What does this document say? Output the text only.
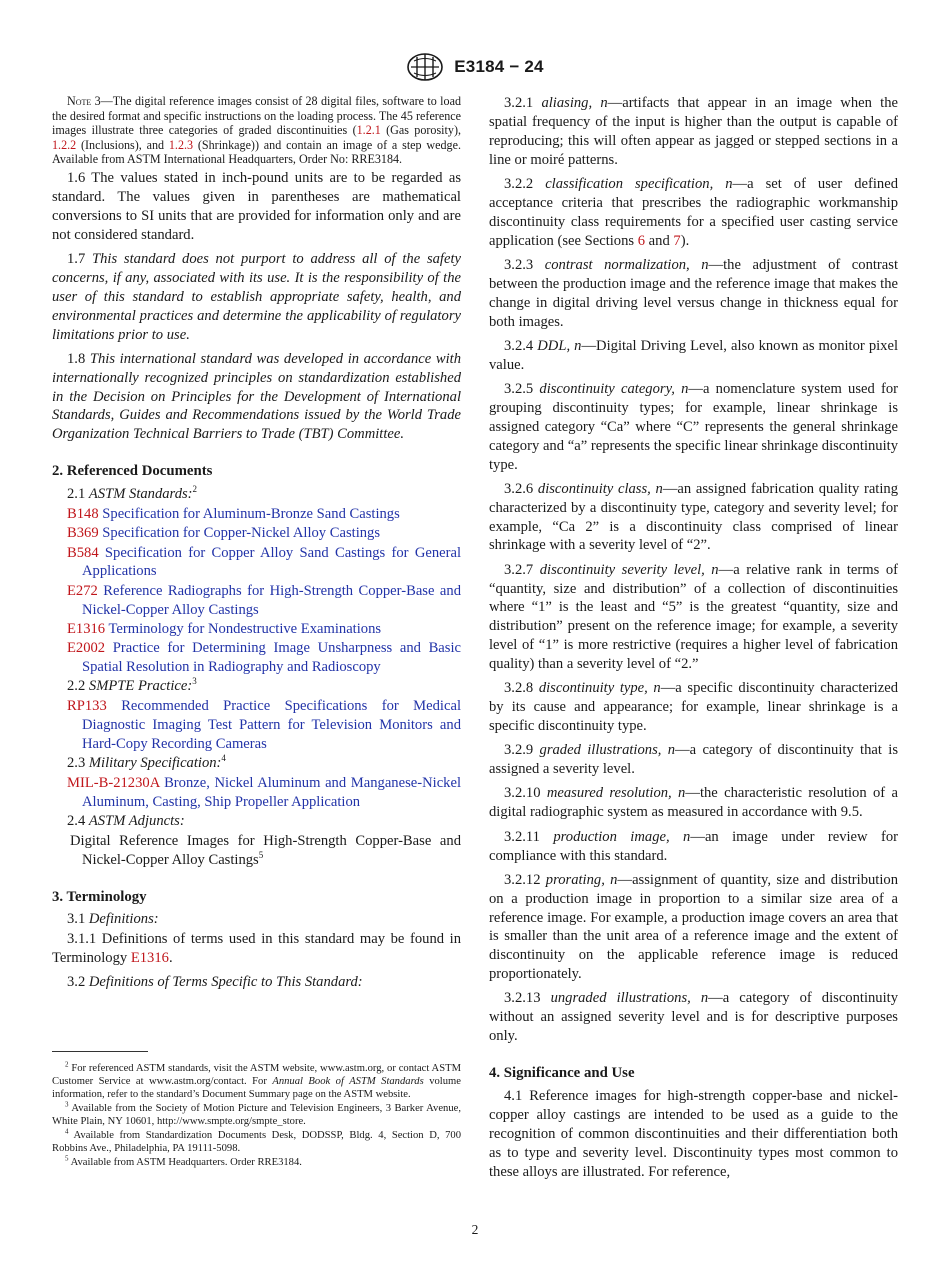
E3184 − 24

Note 3—The digital reference images consist of 28 digital files, software to load the desired format and specific instructions on the loading process. The 45 reference images illustrate three categories of graded discontinuities (1.2.1 (Gas porosity), 1.2.2 (Inclusions), and 1.2.3 (Shrinkage)) and contain an image of a step wedge. Available from ASTM International Headquarters, Order No: RRE3184.

1.6 The values stated in inch-pound units are to be regarded as standard. The values given in parentheses are mathematical conversions to SI units that are provided for information only and are not considered standard.

1.7 This standard does not purport to address all of the safety concerns, if any, associated with its use. It is the responsibility of the user of this standard to establish appropriate safety, health, and environmental practices and determine the applicability of regulatory limitations prior to use.

1.8 This international standard was developed in accordance with internationally recognized principles on standardization established in the Decision on Principles for the Development of International Standards, Guides and Recommendations issued by the World Trade Organization Technical Barriers to Trade (TBT) Committee.

2. Referenced Documents

2.1 ASTM Standards:$^2$

B148 Specification for Aluminum-Bronze Sand Castings
B369 Specification for Copper-Nickel Alloy Castings
B584 Specification for Copper Alloy Sand Castings for General Applications
E272 Reference Radiographs for High-Strength Copper-Base and Nickel-Copper Alloy Castings
E1316 Terminology for Nondestructive Examinations
E2002 Practice for Determining Image Unsharpness and Basic Spatial Resolution in Radiography and Radioscopy

2.2 SMPTE Practice:$^3$

RP133 Recommended Practice Specifications for Medical Diagnostic Imaging Test Pattern for Television Monitors and Hard-Copy Recording Cameras

2.3 Military Specification:$^4$

MIL-B-21230A Bronze, Nickel Aluminum and Manganese-Nickel Aluminum, Casting, Ship Propeller Application

2.4 ASTM Adjuncts:

Digital Reference Images for High-Strength Copper-Base and Nickel-Copper Alloy Castings$^5$

3. Terminology

3.1 Definitions:

3.1.1 Definitions of terms used in this standard may be found in Terminology E1316.

3.2 Definitions of Terms Specific to This Standard:

$^2$ For referenced ASTM standards, visit the ASTM website, www.astm.org, or contact ASTM Customer Service at www.astm.org/contact. For Annual Book of ASTM Standards volume information, refer to the standard’s Document Summary page on the ASTM website.

$^3$ Available from the Society of Motion Picture and Television Engineers, 3 Barker Avenue, White Plain, NY 10601, http://www.smpte.org/smpte_store.

$^4$ Available from Standardization Documents Desk, DODSSP, Bldg. 4, Section D, 700 Robbins Ave., Philadelphia, PA 19111-5098.

$^5$ Available from ASTM Headquarters. Order RRE3184.

3.2.1 aliasing, n—artifacts that appear in an image when the spatial frequency of the input is higher than the output is capable of reproducing; this will often appear as jagged or stepped sections in a line or moiré patterns.

3.2.2 classification specification, n—a set of user defined acceptance criteria that prescribes the radiographic workmanship discontinuity class requirements for a specified user casting service application (see Sections 6 and 7).

3.2.3 contrast normalization, n—the adjustment of contrast between the production image and the reference image that makes the change in digital driving level versus change in thickness equal for both images.

3.2.4 DDL, n—Digital Driving Level, also known as monitor pixel value.

3.2.5 discontinuity category, n—a nomenclature system used for grouping discontinuity types; for example, linear shrinkage is assigned category “Ca” where “C” represents the general shrinkage category and “a” represents the specific linear shrinkage discontinuity type.

3.2.6 discontinuity class, n—an assigned fabrication quality rating characterized by a discontinuity type, category and severity level; for example, “Ca 2” is a discontinuity class comprised of linear shrinkage with a severity level of “2”.

3.2.7 discontinuity severity level, n—a relative rank in terms of “quantity, size and distribution” of a collection of discontinuities where “1” is the least and “5” is the greatest “quantity, size and distribution” present on the reference image; for example, a severity level of “1” is more restrictive (requires a higher level of fabrication quality) than a severity level of “2.”

3.2.8 discontinuity type, n—a specific discontinuity characterized by its cause and appearance; for example, linear shrinkage is a specific discontinuity type.

3.2.9 graded illustrations, n—a category of discontinuity that is assigned a severity level.

3.2.10 measured resolution, n—the characteristic resolution of a digital radiographic system as measured in accordance with 9.5.

3.2.11 production image, n—an image under review for compliance with this standard.

3.2.12 prorating, n—assignment of quantity, size and distribution on a production image in proportion to a similar size area of a reference image. For example, a production image covers an area that is smaller than the unit area of a reference image and the extent of discontinuity on the applicable reference image is reduced proportionately.

3.2.13 ungraded illustrations, n—a category of discontinuity without an assigned severity level and is for descriptive purposes only.

4. Significance and Use

4.1 Reference images for high-strength copper-base and nickel-copper alloy castings are intended to be used as a guide to the recognition of common discontinuities and their differentiation both as to type and severity level. Discontinuity types most common to these alloys are illustrated. For reference,

2
